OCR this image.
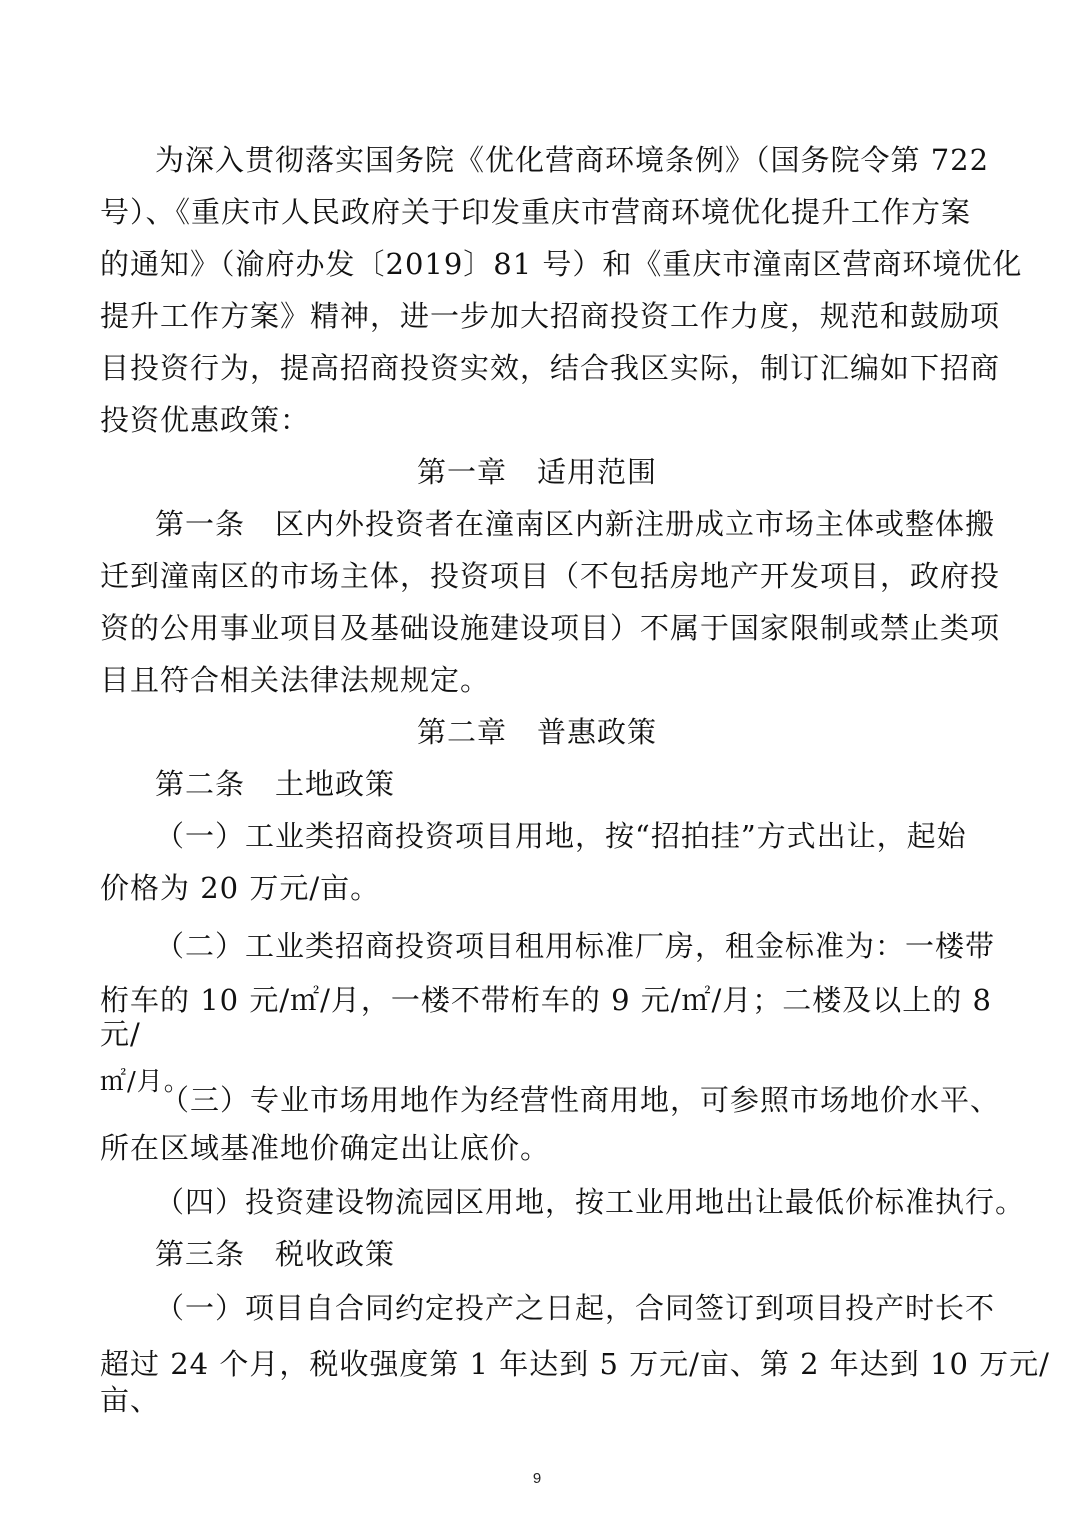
为深入贯彻落实国务院《优化营商环境条例》（国务院令第 722
号）、《重庆市人民政府关于印发重庆市营商环境优化提升工作方案
的通知》（渝府办发〔2019〕81 号）和《重庆市潼南区营商环境优化
提升工作方案》精神，进一步加大招商投资工作力度，规范和鼓励项
目投资行为，提高招商投资实效，结合我区实际，制订汇编如下招商
投资优惠政策：
第一章　适用范围
第一条　区内外投资者在潼南区内新注册成立市场主体或整体搬
迁到潼南区的市场主体，投资项目（不包括房地产开发项目，政府投
资的公用事业项目及基础设施建设项目）不属于国家限制或禁止类项
目且符合相关法律法规规定。
第二章　普惠政策
第二条　土地政策
（一）工业类招商投资项目用地，按“招拍挂”方式出让，起始
价格为 20 万元/亩。
（二）工业类招商投资项目租用标准厂房，租金标准为：一楼带
桁车的 10 元/㎡/月，一楼不带桁车的 9 元/㎡/月；二楼及以上的 8
元/
㎡/月。
（三）专业市场用地作为经营性商用地，可参照市场地价水平、
所在区域基准地价确定出让底价。
（四）投资建设物流园区用地，按工业用地出让最低价标准执行。
第三条　税收政策
（一）项目自合同约定投产之日起，合同签订到项目投产时长不
超过 24 个月，税收强度第 1 年达到 5 万元/亩、第 2 年达到 10 万元/
亩、
9
